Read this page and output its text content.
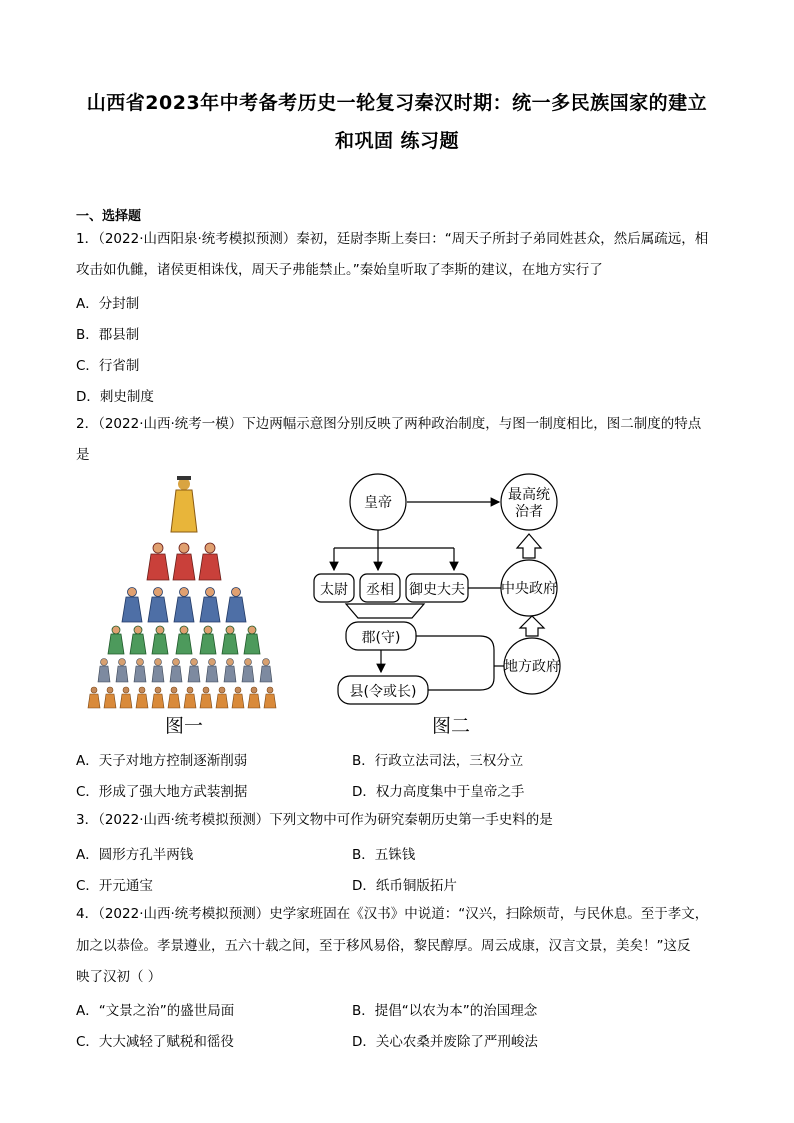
山西省2023年中考备考历史一轮复习秦汉时期：统一多民族国家的建立
和巩固 练习题
一、选择题
1．（2022·山西阳泉·统考模拟预测）秦初，廷尉李斯上奏曰：“周天子所封子弟同姓甚众，然后属疏远，相
攻击如仇雠，诸侯更相诛伐，周天子弗能禁止。”秦始皇听取了李斯的建议，在地方实行了
A．分封制
B．郡县制
C．行省制
D．刺史制度
2．（2022·山西·统考一模）下边两幅示意图分别反映了两种政治制度，与图一制度相比，图二制度的特点
是
图一
皇帝	最高统
治者
太尉 丞相 御史大夫	中央政府
郡(守)
县(令或长)
地方政府
图二
A．天子对地方控制逐渐削弱	B．行政立法司法，三权分立
C．形成了强大地方武装割据	D．权力高度集中于皇帝之手
3．（2022·山西·统考模拟预测）下列文物中可作为研究秦朝历史第一手史料的是
A．圆形方孔半两钱	B．五铢钱
C．开元通宝	D．纸币铜版拓片
4．（2022·山西·统考模拟预测）史学家班固在《汉书》中说道：“汉兴，扫除烦苛，与民休息。至于孝文，
加之以恭俭。孝景遵业，五六十载之间，至于移风易俗，黎民醇厚。周云成康，汉言文景，美矣！”这反
映了汉初（ ）
A．“文景之治”的盛世局面	B．提倡“以农为本”的治国理念
C．大大减轻了赋税和徭役	D．关心农桑并废除了严刑峻法
